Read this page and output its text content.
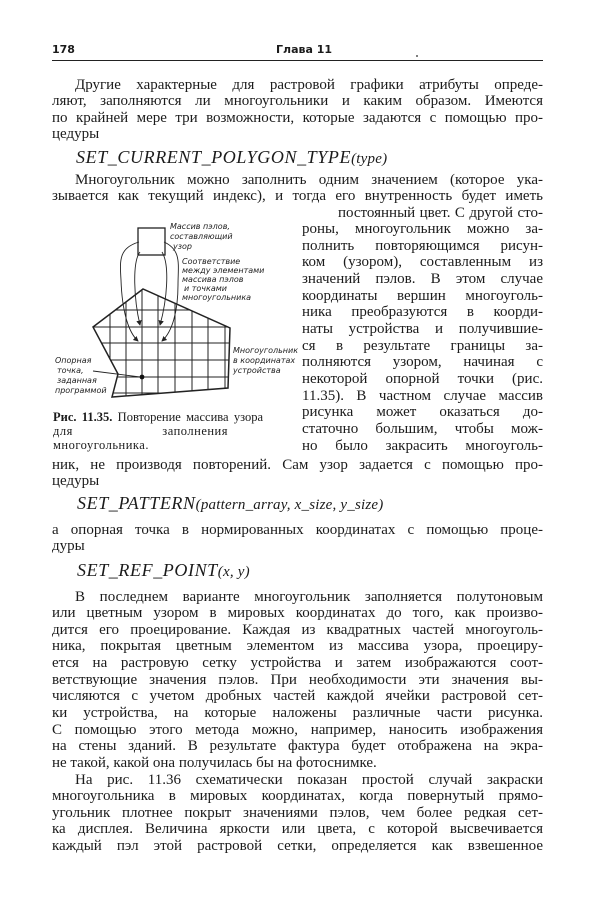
178	Глава 11
Другие характерные для растровой графики атрибуты опреде-
ляют, заполняются ли многоугольники и каким образом. Имеются
по крайней мере три возможности, которые задаются с помощью про-
цедуры
Многоугольник можно заполнить одним значением (которое ука-
зывается как текущий индекс), и тогда его внутренность будет иметь
постоянный цвет. С другой сто-
роны, многоугольник можно за-
полнить повторяющимся рисун-
ком (узором), составленным из
значений пэлов. В этом случае
координаты вершин многоуголь-
ника преобразуются в коорди-
наты устройства и получившие-
ся в результате границы за-
полняются узором, начиная с
некоторой опорной точки (рис.
11.35). В частном случае массив
рисунка может оказаться до-
статочно большим, чтобы мож-
но было закрасить многоуголь-
ник, не производя повторений. Сам узор задается с помощью про-
цедуры
а опорная точка в нормированных координатах с помощью проце-
дуры
В последнем варианте многоугольник заполняется полутоновым
или цветным узором в мировых координатах до того, как произво-
дится его проецирование. Каждая из квадратных частей многоуголь-
ника, покрытая цветным элементом из массива узора, проециру-
ется на растровую сетку устройства и затем изображаются соот-
ветствующие значения пэлов. При необходимости эти значения вы-
числяются с учетом дробных частей каждой ячейки растровой сет-
ки устройства, на которые наложены различные части рисунка.
С помощью этого метода можно, например, наносить изображения
на стены зданий. В результате фактура будет отображена на экра-
не такой, какой она получилась бы на фотоснимке.
На рис. 11.36 схематически показан простой случай закраски
многоугольника в мировых координатах, когда повернутый прямо-
угольник плотнее покрыт значениями пэлов, чем более редкая сет-
ка дисплея. Величина яркости или цвета, с которой высвечивается
каждый пэл этой растровой сетки, определяется как взвешенное
SET_CURRENT_POLYGON_TYPE(type)
SET_PATTERN(pattern_array, x_size, y_size)
SET_REF_POINT(x, y)
Массив пэлов,
составляющий
узор
Соответствие
между элементами
массива пэлов
и точками
многоугольника
Многоугольник
в координатах
устройства
Опорная
точка,
заданная
программой
Рис. 11.35. Повторение массива узора
для заполнения многоугольника.
